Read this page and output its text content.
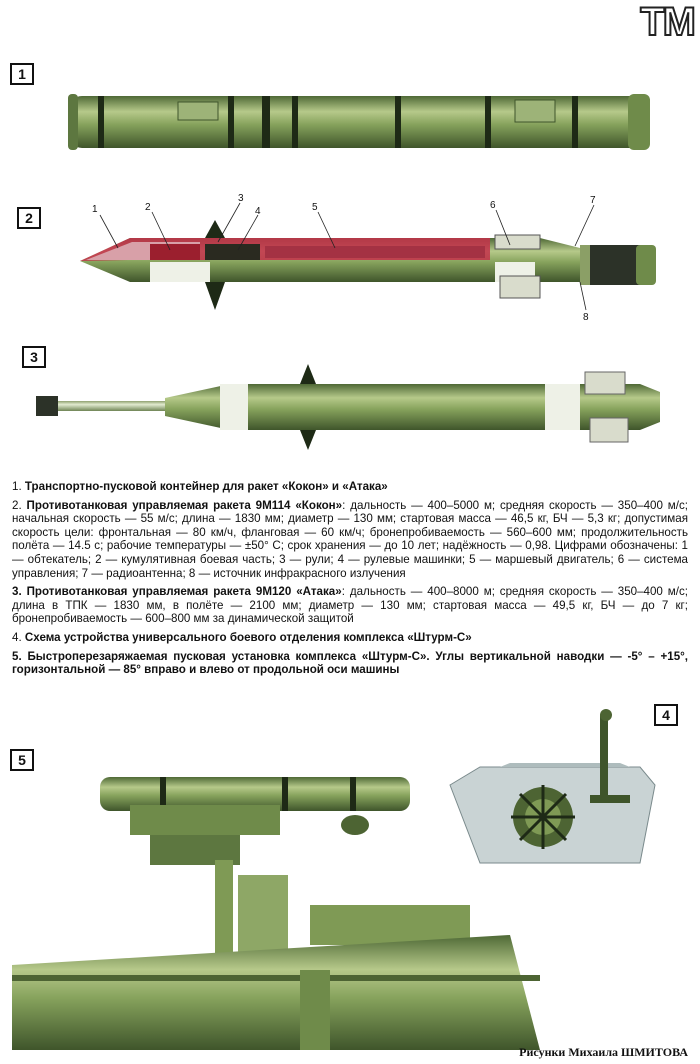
ТМ
1
2
1	2
3
4	5	6	7
8
3

1. Транспортно-пусковой контейнер для ракет «Кокон» и «Атака»

2. Противотанковая управляемая ракета 9М114 «Кокон»: дальность — 400–5000 м; средняя скорость — 350–400 м/с; начальная скорость — 55 м/с; длина — 1830 мм; диаметр — 130 мм; стартовая масса — 46,5 кг, БЧ — 5,3 кг; допустимая скорость цели: фронтальная — 80 км/ч, фланговая — 60 км/ч; бронепробиваемость — 560–600 мм; продолжительность полёта — 14.5 с; рабочие температуры — ±50° С; срок хранения — до 10 лет; надёжность — 0,98. Цифрами обозначены: 1 — обтекатель; 2 — кумулятивная боевая часть; 3 — рули; 4 — рулевые машинки; 5 — маршевый двигатель; 6 — система управления; 7 — радиоантенна; 8 — источник инфракрасного излучения

3. Противотанковая управляемая ракета 9М120 «Атака»: дальность — 400–8000 м; средняя скорость — 350–400 м/с; длина в ТПК — 1830 мм, в полёте — 2100 мм; диаметр — 130 мм; стартовая масса — 49,5 кг, БЧ — до 7 кг; бронепробиваемость — 600–800 мм за динамической защитой

4. Схема устройства универсального боевого отделения комплекса «Штурм-С»

5. Быстроперезаряжаемая пусковая установка комплекса «Штурм-С». Углы вертикальной наводки — -5° – +15°, горизонтальной — 85° вправо и влево от продольной оси машины

4
5
Рисунки Михаила ШМИТОВА
